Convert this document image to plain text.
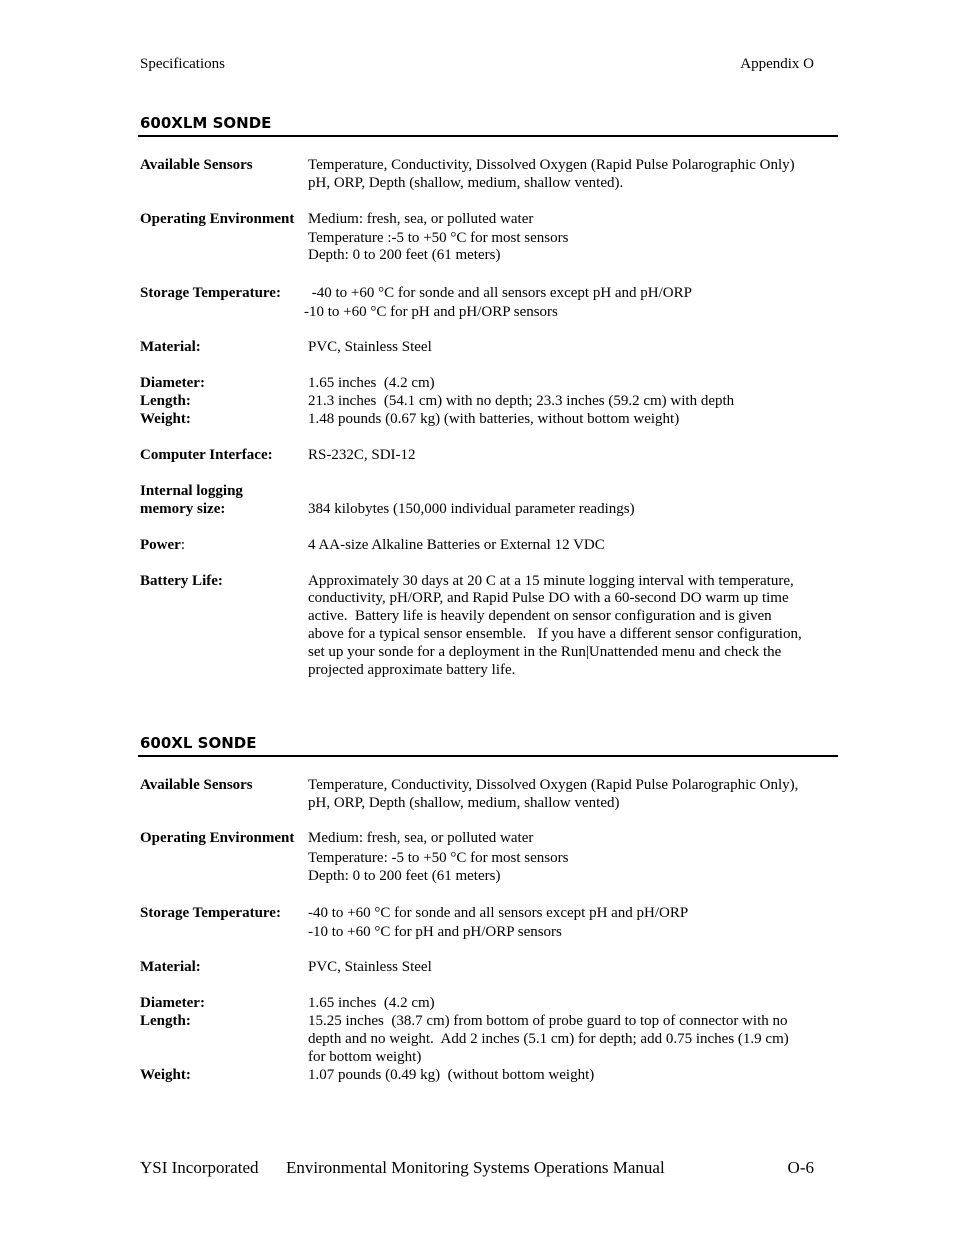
Specifications	Appendix O
600XLM SONDE
Available Sensors	Temperature, Conductivity, Dissolved Oxygen (Rapid Pulse Polarographic Only)
pH, ORP, Depth (shallow, medium, shallow vented).
Operating Environment Medium: fresh, sea, or polluted water
Temperature :-5 to +50 °C for most sensors
Depth: 0 to 200 feet (61 meters)
Storage Temperature: -40 to +60 °C for sonde and all sensors except pH and pH/ORP
-10 to +60 °C for pH and pH/ORP sensors
Material:	PVC, Stainless Steel
Diameter:	1.65 inches  (4.2 cm)
Length:	21.3 inches  (54.1 cm) with no depth; 23.3 inches (59.2 cm) with depth
Weight:	1.48 pounds (0.67 kg) (with batteries, without bottom weight)
Computer Interface: RS-232C, SDI-12
Internal logging
memory size:	384 kilobytes (150,000 individual parameter readings)
Power:	4 AA-size Alkaline Batteries or External 12 VDC
Battery Life:	Approximately 30 days at 20 C at a 15 minute logging interval with temperature,
conductivity, pH/ORP, and Rapid Pulse DO with a 60-second DO warm up time
active.  Battery life is heavily dependent on sensor configuration and is given
above for a typical sensor ensemble.   If you have a different sensor configuration,
set up your sonde for a deployment in the Run|Unattended menu and check the
projected approximate battery life.
600XL SONDE
Available Sensors	Temperature, Conductivity, Dissolved Oxygen (Rapid Pulse Polarographic Only),
pH, ORP, Depth (shallow, medium, shallow vented)
Operating Environment Medium: fresh, sea, or polluted water
Temperature: -5 to +50 °C for most sensors
Depth: 0 to 200 feet (61 meters)
Storage Temperature: -40 to +60 °C for sonde and all sensors except pH and pH/ORP
-10 to +60 °C for pH and pH/ORP sensors
Material:	PVC, Stainless Steel
Diameter:	1.65 inches  (4.2 cm)
Length:	15.25 inches  (38.7 cm) from bottom of probe guard to top of connector with no
depth and no weight.  Add 2 inches (5.1 cm) for depth; add 0.75 inches (1.9 cm)
for bottom weight)
Weight:	1.07 pounds (0.49 kg)  (without bottom weight)
YSI Incorporated Environmental Monitoring Systems Operations Manual	O-6
